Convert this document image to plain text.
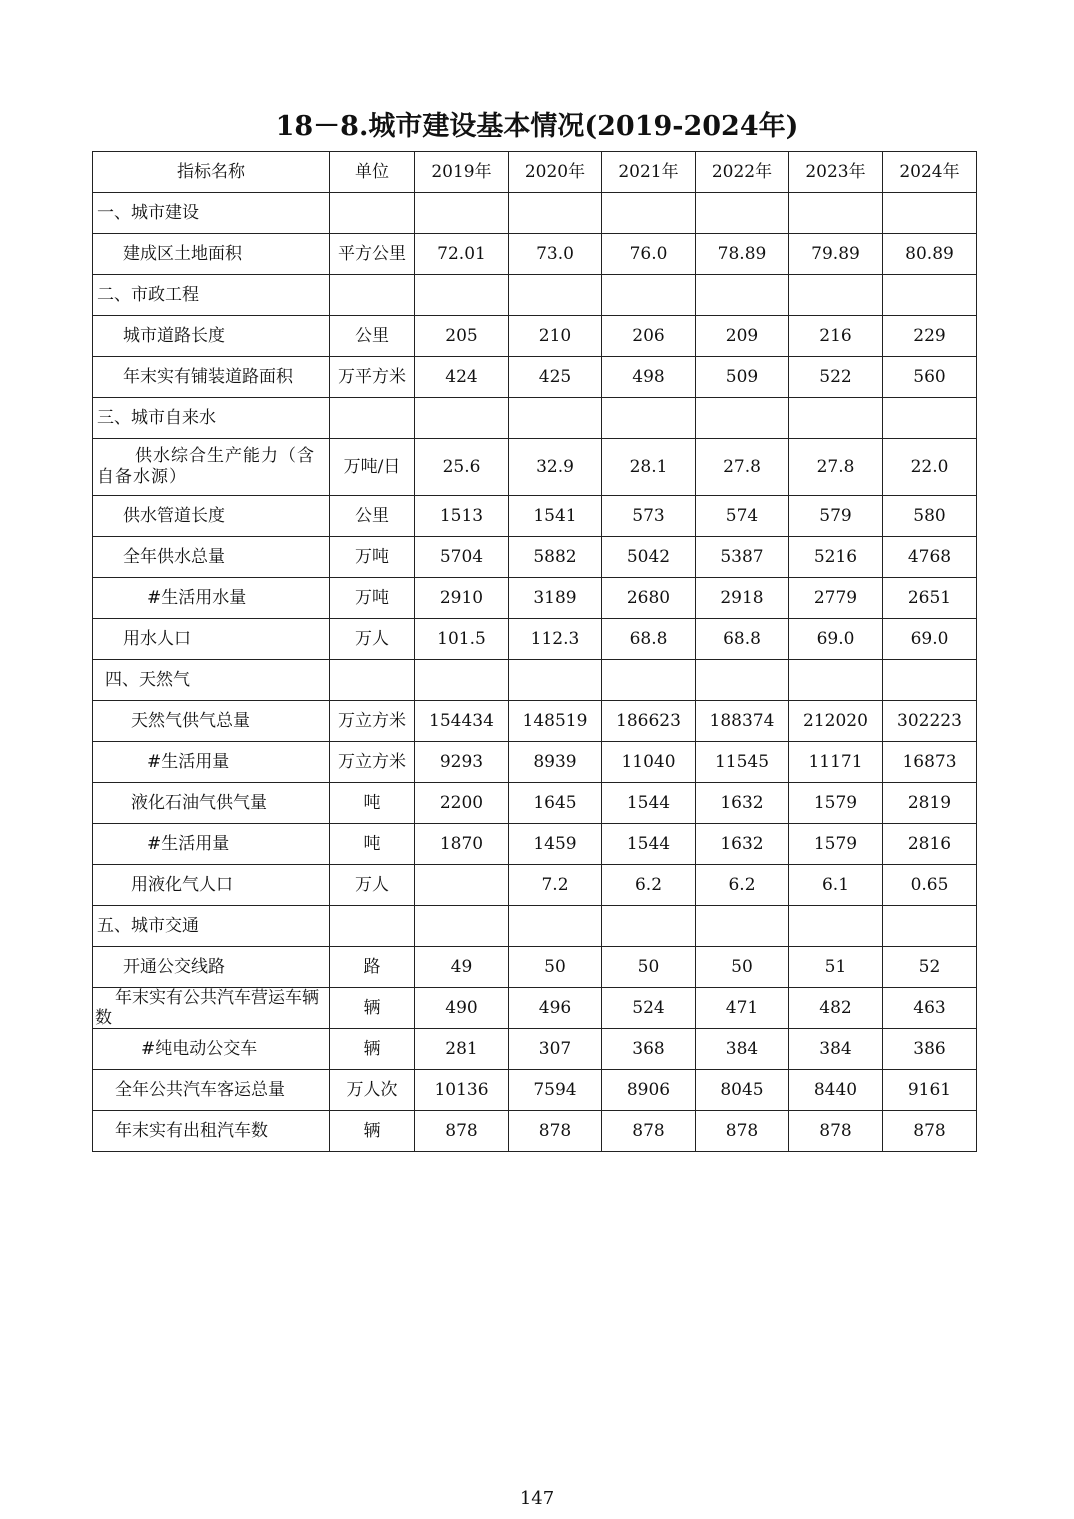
18－8.城市建设基本情况(2019-2024年)
指标名称	单位	2019年	2020年	2021年	2022年	2023年	2024年
一、城市建设							
建成区土地面积	平方公里	72.01	73.0	76.0	78.89	79.89	80.89
二、市政工程							
城市道路长度	公里	205	210	206	209	216	229
年末实有铺装道路面积	万平方米	424	425	498	509	522	560
三、城市自来水							
供水综合生产能力（含自备水源）	万吨/日	25.6	32.9	28.1	27.8	27.8	22.0
供水管道长度	公里	1513	1541	573	574	579	580
全年供水总量	万吨	5704	5882	5042	5387	5216	4768
#生活用水量	万吨	2910	3189	2680	2918	2779	2651
用水人口	万人	101.5	112.3	68.8	68.8	69.0	69.0
四、天然气							
天然气供气总量	万立方米	154434	148519	186623	188374	212020	302223
#生活用量	万立方米	9293	8939	11040	11545	11171	16873
液化石油气供气量	吨	2200	1645	1544	1632	1579	2819
#生活用量	吨	1870	1459	1544	1632	1579	2816
用液化气人口	万人		7.2	6.2	6.2	6.1	0.65
五、城市交通							
开通公交线路	路	49	50	50	50	51	52
年末实有公共汽车营运车辆数	辆	490	496	524	471	482	463
#纯电动公交车	辆	281	307	368	384	384	386
全年公共汽车客运总量	万人次	10136	7594	8906	8045	8440	9161
年末实有出租汽车数	辆	878	878	878	878	878	878
147
